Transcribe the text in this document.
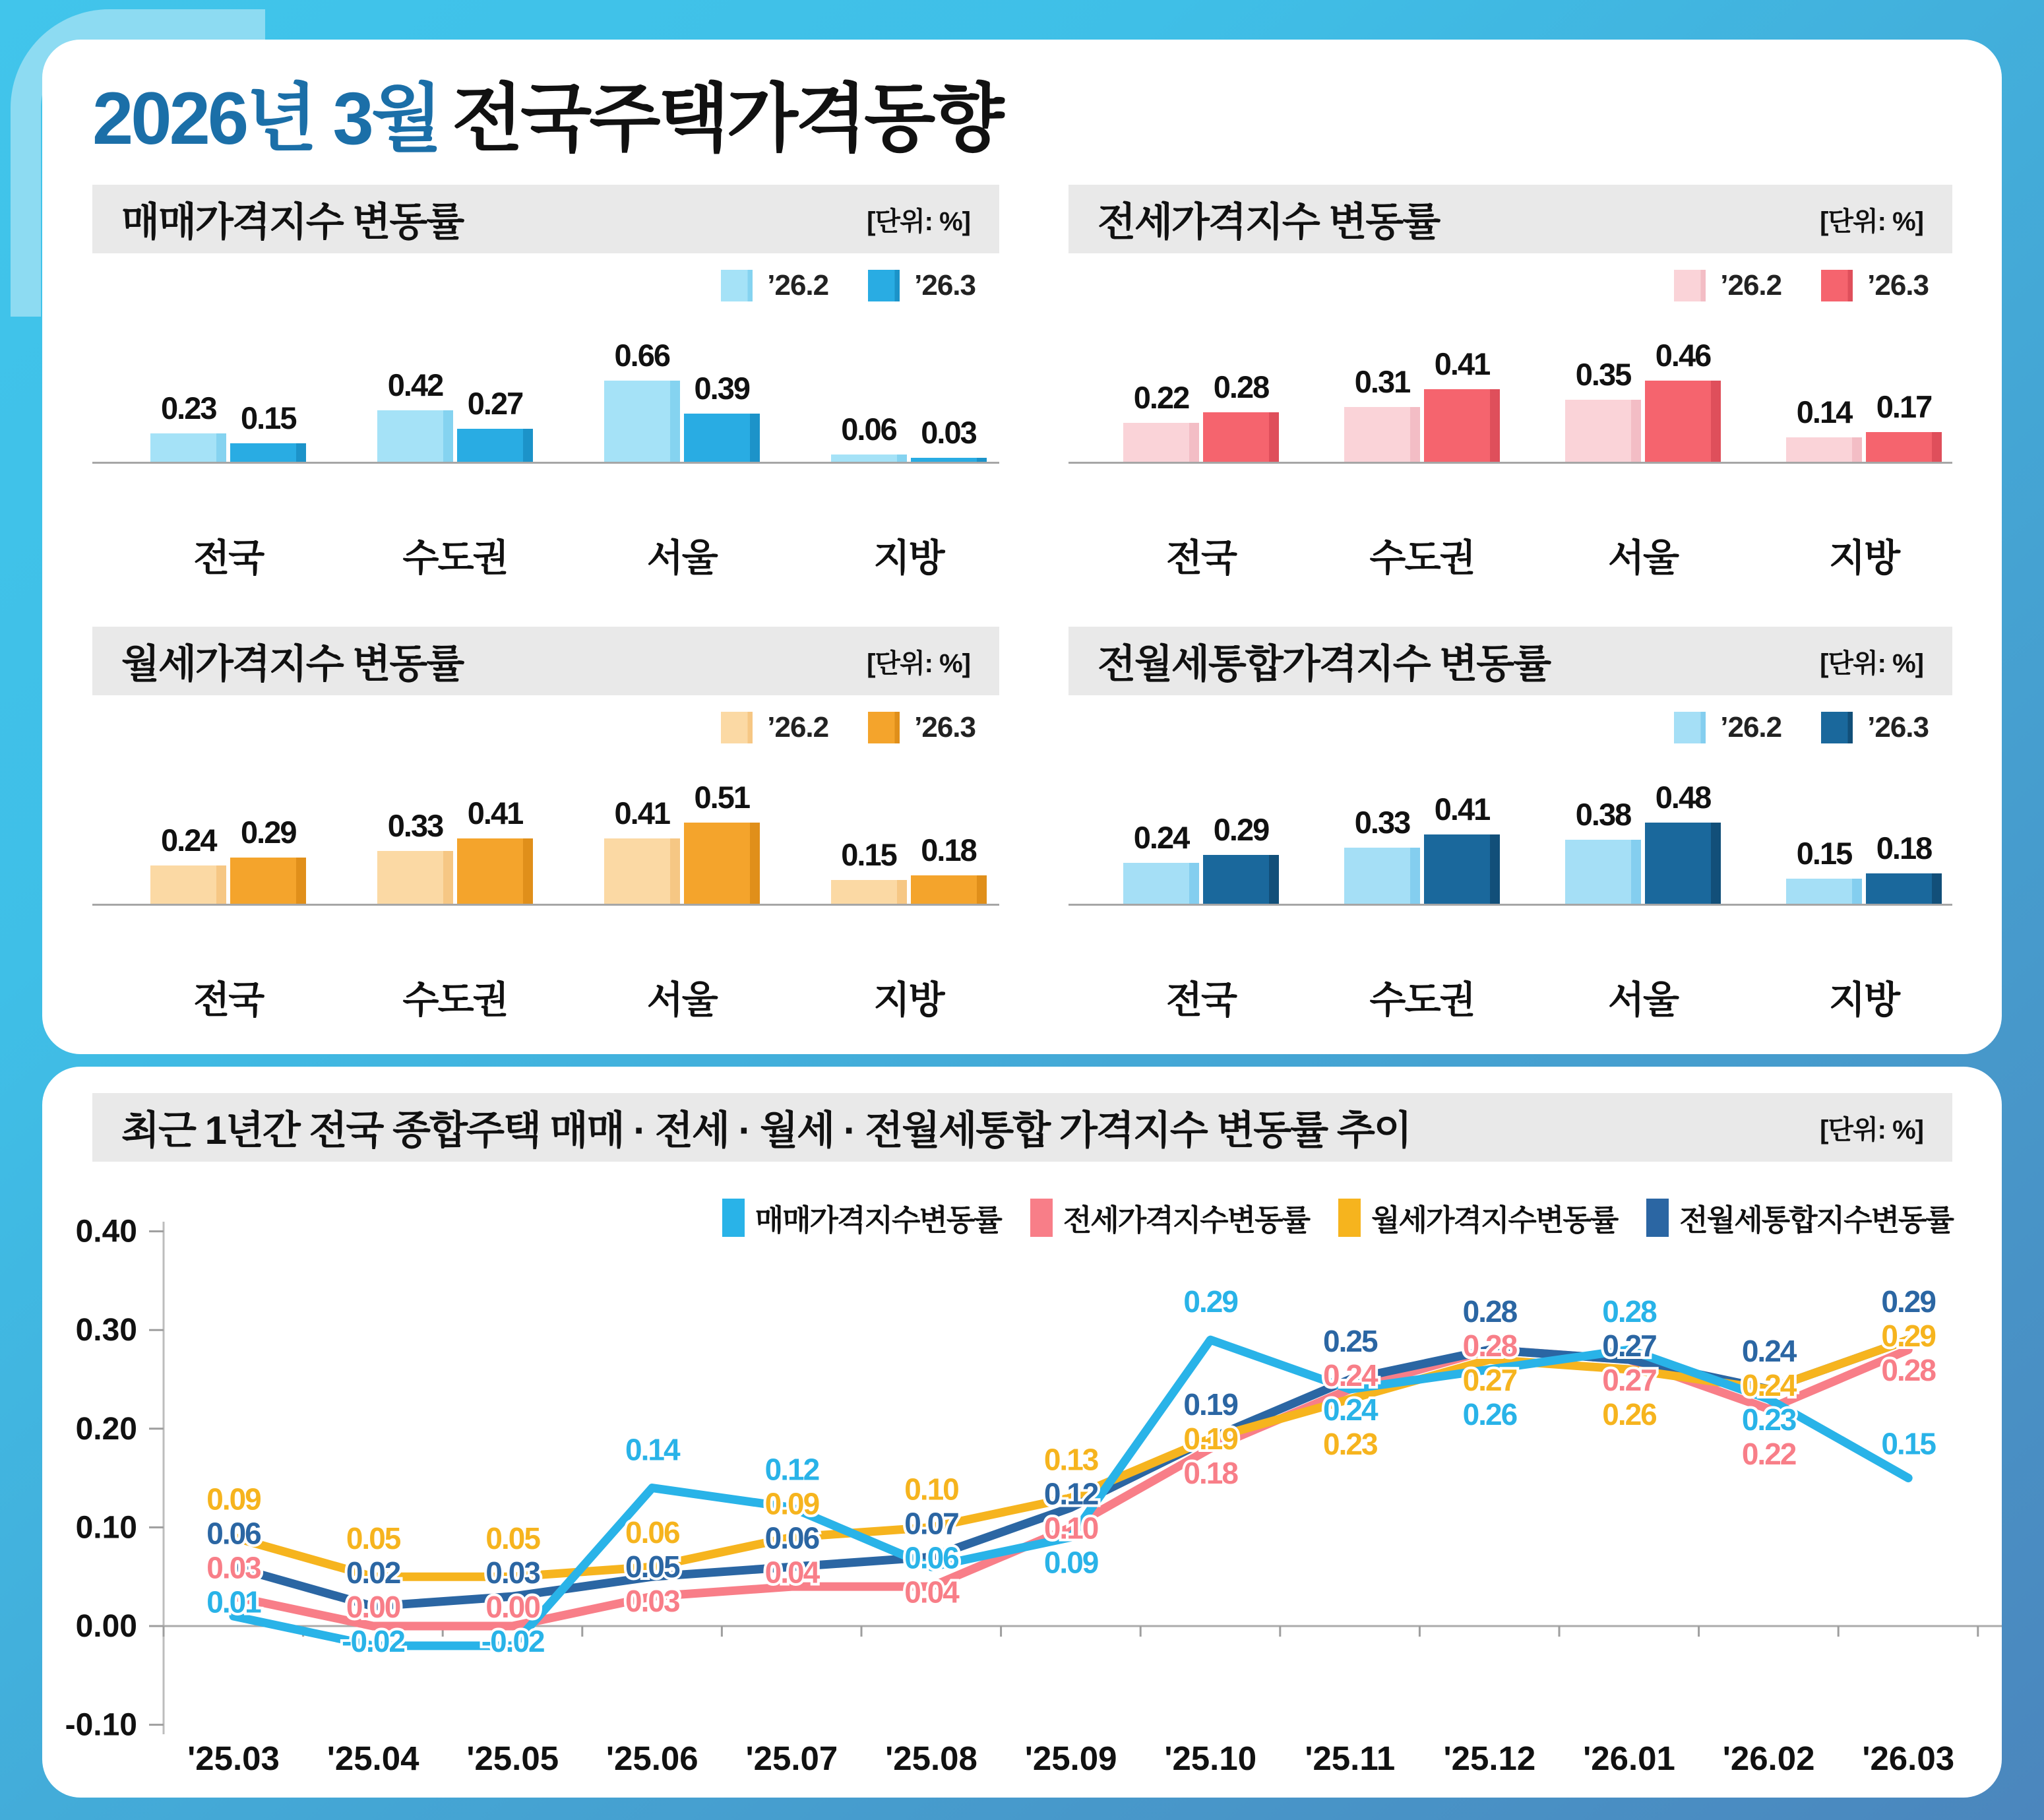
2026년 3월 전국주택가격동향
0.23 0.15
전국
0.42
0.27
수도권
0.66
0.39
서울
0.06 0.03
지방
매매가격지수 변동률	[단위: %]
’26.2	’26.3
0.22 0.28
전국
0.31
0.41
수도권
0.35
0.46
서울
0.14 0.17
지방
전세가격지수 변동률	[단위: %]
’26.2	’26.3
0.24 0.29
전국
0.33 0.41
수도권
0.41 0.51
서울
0.15 0.18
지방
월세가격지수 변동률	[단위: %]
’26.2	’26.3
0.24 0.29
전국
0.33 0.41
수도권
0.38 0.48
서울
0.15 0.18
지방
전월세통합가격지수 변동률	[단위: %]
’26.2	’26.3
0.40
0.30
0.20
0.10
0.00
-0.10
'25.03 '25.04 '25.05 '25.06 '25.07 '25.08 '25.09 '25.10 '25.11 '25.12 '26.01 '26.02 '26.03
0.09
0.06
0.03
0.01
0.05
0.02
0.00
-0.02
0.05
0.03
0.00
-0.02
0.14
0.06
0.05
0.03
0.12
0.09
0.06
0.04
0.10
0.07
0.06
0.04
0.13
0.12
0.10
0.09
0.29
0.19
0.19
0.18
0.25
0.24
0.24
0.23
0.28
0.28
0.27
0.26
0.28
0.27
0.27
0.26
0.24
0.24
0.23
0.22
0.29
0.29
0.28
0.15
최근 1년간 전국 종합주택 매매 · 전세 · 월세 · 전월세통합 가격지수 변동률 추이	[단위: %]
매매가격지수변동률 전세가격지수변동률 월세가격지수변동률 전월세통합지수변동률
